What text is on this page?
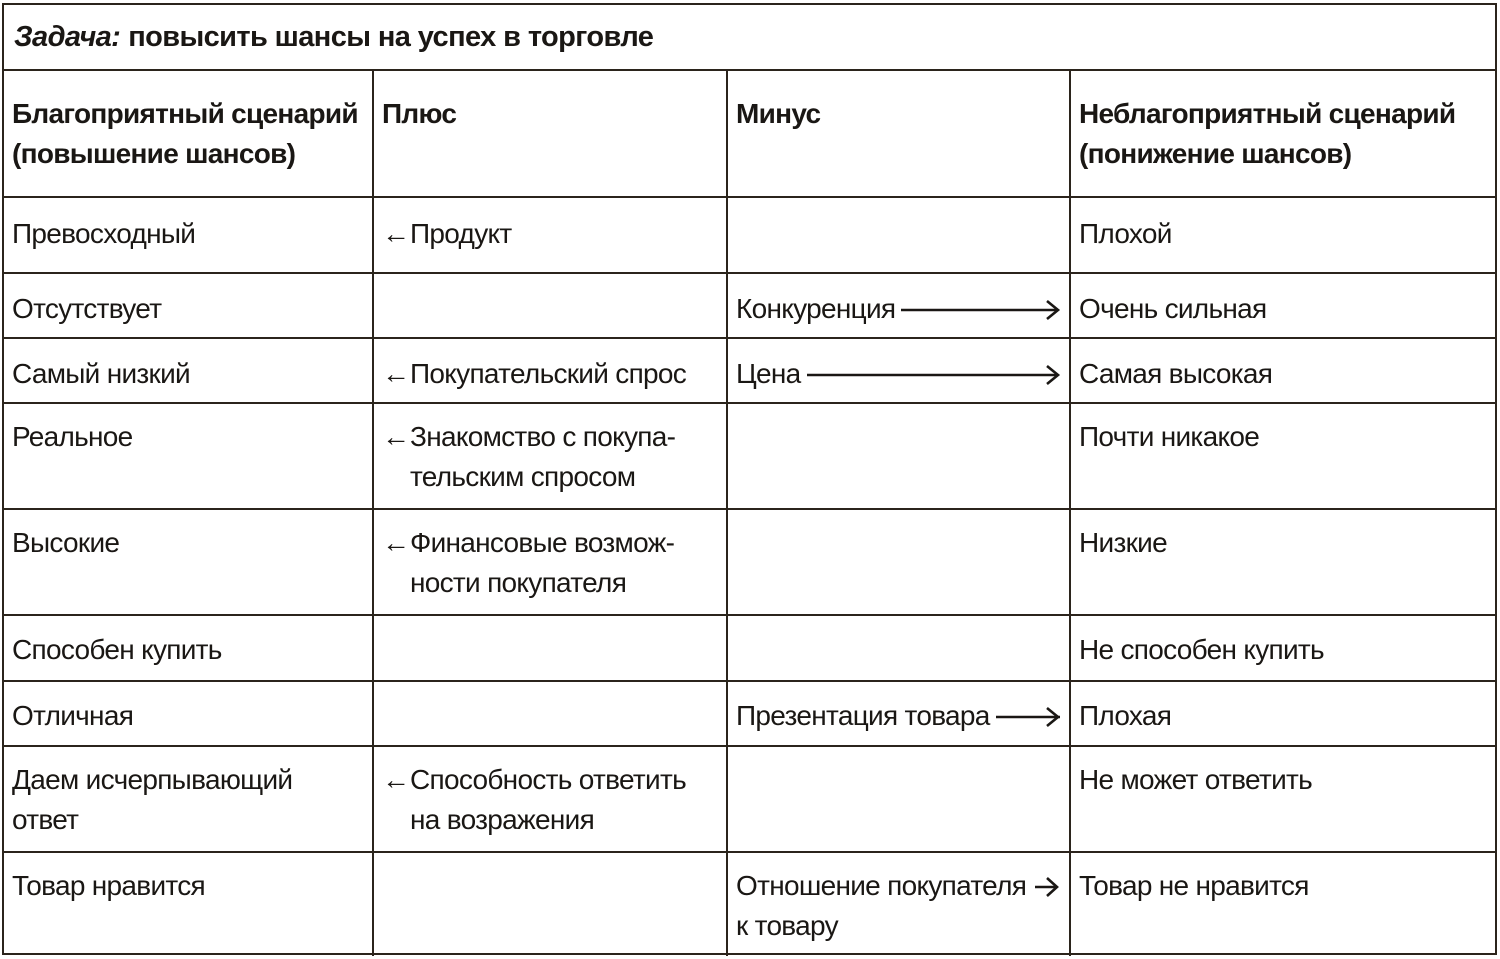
Задача: повысить шансы на успех в торговле
Благоприятный сценарий (повышение шансов)	Плюс	Минус	Неблагоприятный сценарий (понижение шансов)
Превосходный	← Продукт		Плохой
Отсутствует		Конкуренция	Очень сильная
Самый низкий	← Покупательский спрос	Цена	Самая высокая
Реальное	← Знакомство с покупа-тельским спросом		Почти никакое
Высокие	← Финансовые возмож-ности покупателя		Низкие
Способен купить			Не способен купить
Отличная		Презентация товара	Плохая
Даем исчерпывающий ответ	← Способность ответить на возражения		Не может ответить
Товар нравится		Отношение покупателя к товару	Товар не нравится
